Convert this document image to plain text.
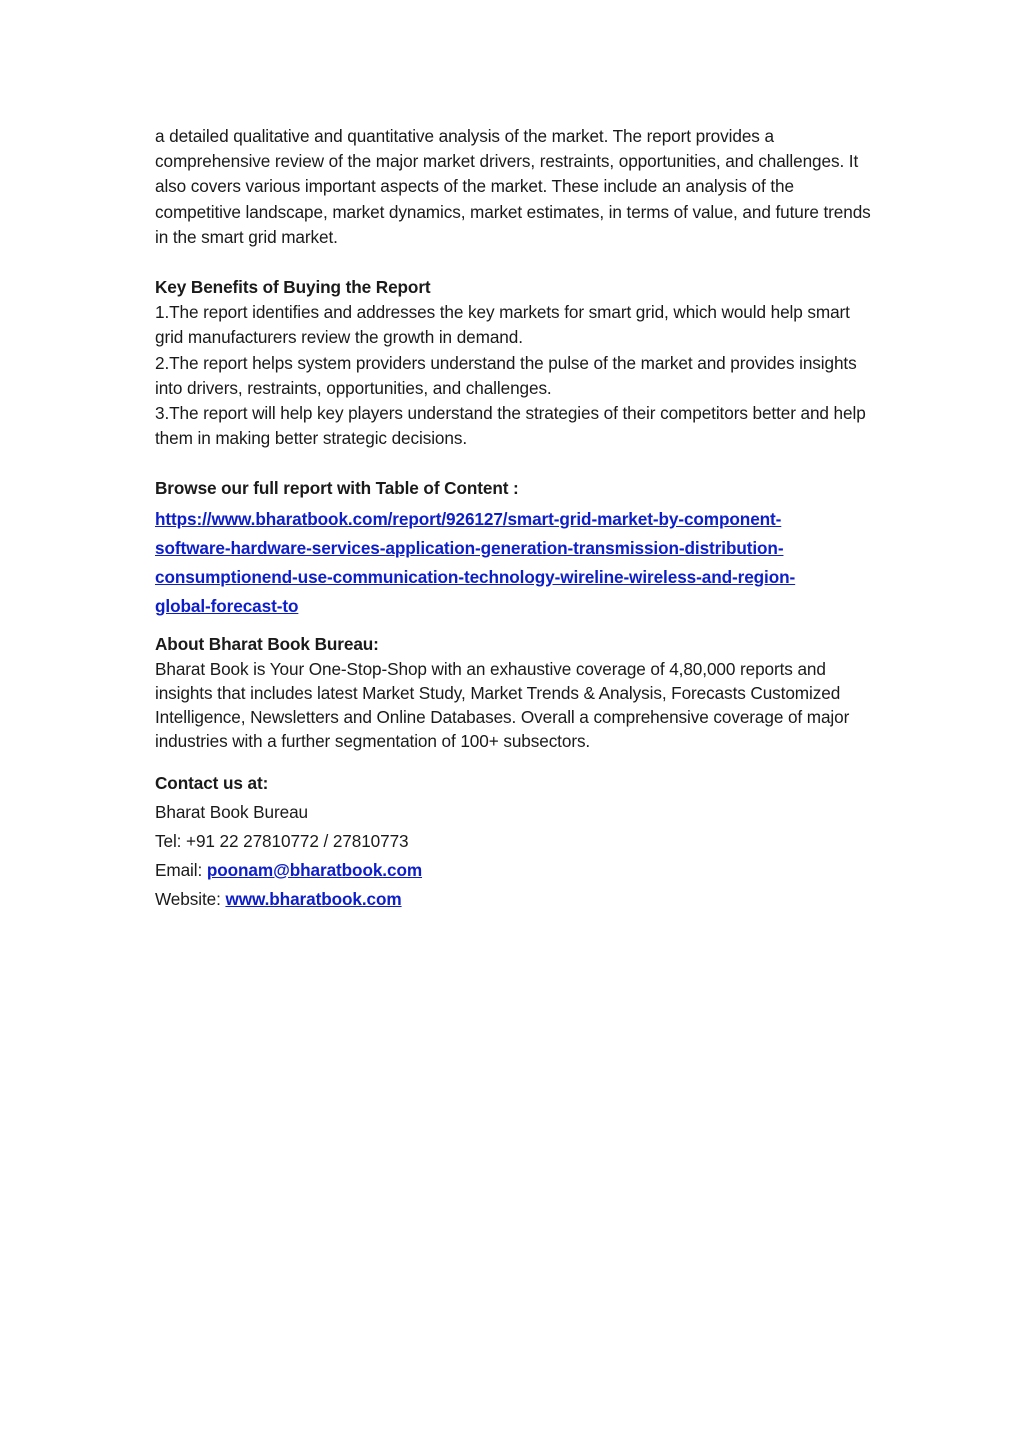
a detailed qualitative and quantitative analysis of the market. The report provides a comprehensive review of the major market drivers, restraints, opportunities, and challenges. It also covers various important aspects of the market. These include an analysis of the competitive landscape, market dynamics, market estimates, in terms of value, and future trends in the smart grid market.

Key Benefits of Buying the Report

1.The report identifies and addresses the key markets for smart grid, which would help smart grid manufacturers review the growth in demand.

2.The report helps system providers understand the pulse of the market and provides insights into drivers, restraints, opportunities, and challenges.

3.The report will help key players understand the strategies of their competitors better and help them in making better strategic decisions.

Browse our full report with Table of Content :

https://www.bharatbook.com/report/926127/smart-grid-market-by-component-
software-hardware-services-application-generation-transmission-distribution-
consumptionend-use-communication-technology-wireline-wireless-and-region-
global-forecast-to

About Bharat Book Bureau:

Bharat Book is Your One-Stop-Shop with an exhaustive coverage of 4,80,000 reports and insights that includes latest Market Study, Market Trends & Analysis, Forecasts Customized Intelligence, Newsletters and Online Databases. Overall a comprehensive coverage of major industries with a further segmentation of 100+ subsectors.

Contact us at:

Bharat Book Bureau

Tel: +91 22 27810772 / 27810773

Email: poonam@bharatbook.com

Website: www.bharatbook.com
